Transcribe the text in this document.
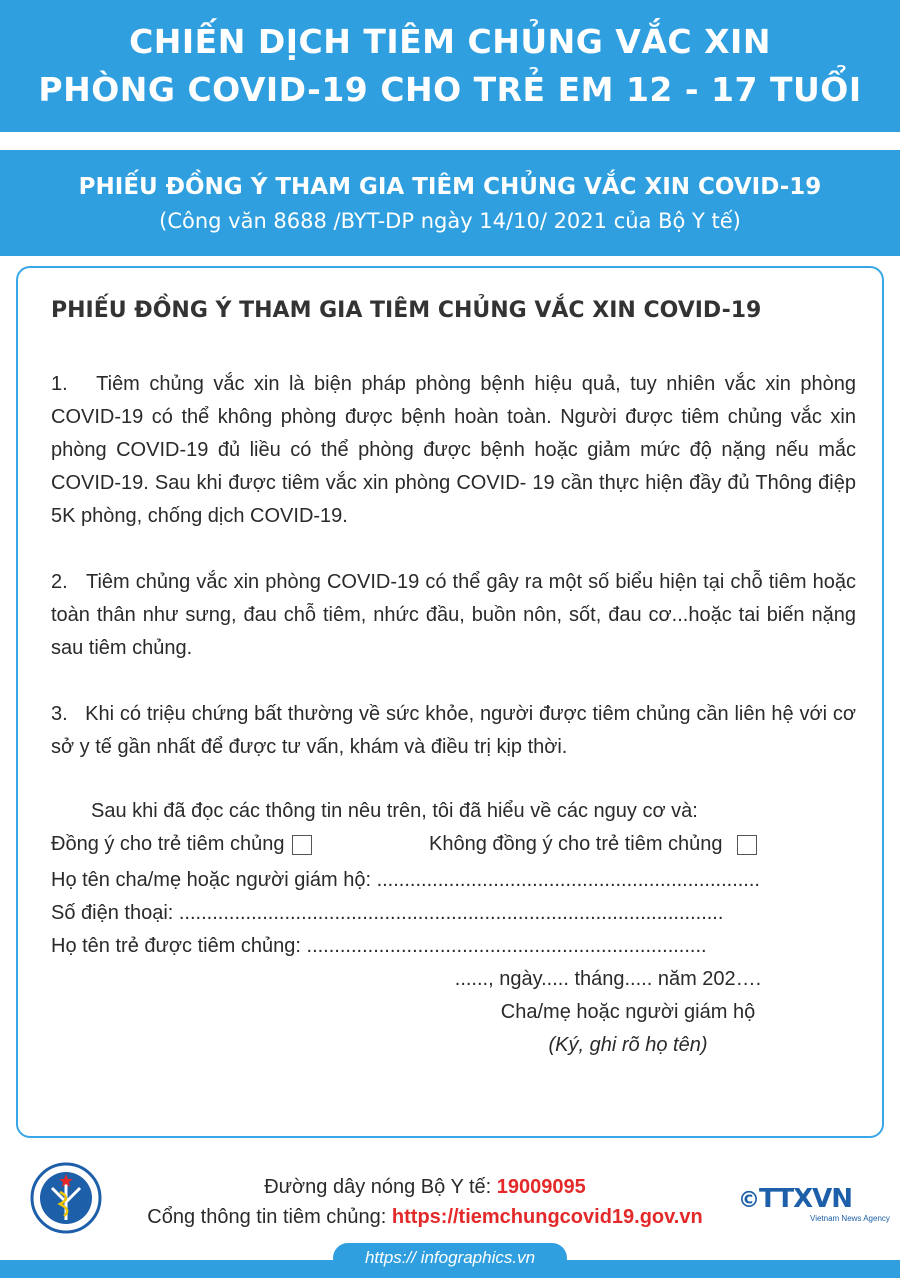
CHIẾN DỊCH TIÊM CHỦNG VẮC XIN
PHÒNG COVID-19 CHO TRẺ EM 12 - 17 TUỔI
PHIẾU ĐỒNG Ý THAM GIA TIÊM CHỦNG VẮC XIN COVID-19
(Công văn 8688 /BYT-DP ngày 14/10/ 2021 của Bộ Y tế)
PHIẾU ĐỒNG Ý THAM GIA TIÊM CHỦNG VẮC XIN COVID-19

1.   Tiêm chủng vắc xin là biện pháp phòng bệnh hiệu quả, tuy nhiên vắc xin phòng COVID-19 có thể không phòng được bệnh hoàn toàn. Người được tiêm chủng vắc xin phòng COVID-19 đủ liều có thể phòng được bệnh hoặc giảm mức độ nặng nếu mắc COVID-19. Sau khi được tiêm vắc xin phòng COVID- 19 cần thực hiện đầy đủ Thông điệp 5K phòng, chống dịch COVID-19.

2.   Tiêm chủng vắc xin phòng COVID-19 có thể gây ra một số biểu hiện tại chỗ tiêm hoặc toàn thân như sưng, đau chỗ tiêm, nhức đầu, buồn nôn, sốt, đau cơ...hoặc tai biến nặng sau tiêm chủng.

3.   Khi có triệu chứng bất thường về sức khỏe, người được tiêm chủng cần liên hệ với cơ sở y tế gần nhất để được tư vấn, khám và điều trị kịp thời.

Sau khi đã đọc các thông tin nêu trên, tôi đã hiểu về các nguy cơ và:
Đồng ý cho trẻ tiêm chủng	Không đồng ý cho trẻ tiêm chủng
Họ tên cha/mẹ hoặc người giám hộ: .....................................................................
Số điện thoại: ..................................................................................................
Họ tên trẻ được tiêm chủng: ........................................................................
......, ngày..... tháng..... năm 202….
Cha/mẹ hoặc người giám hộ
(Ký, ghi rõ họ tên)
Đường dây nóng Bộ Y tế: 19009095
Cổng thông tin tiêm chủng: https://tiemchungcovid19.gov.vn
©TTXVN
Vietnam News Agency
https:// infographics.vn
